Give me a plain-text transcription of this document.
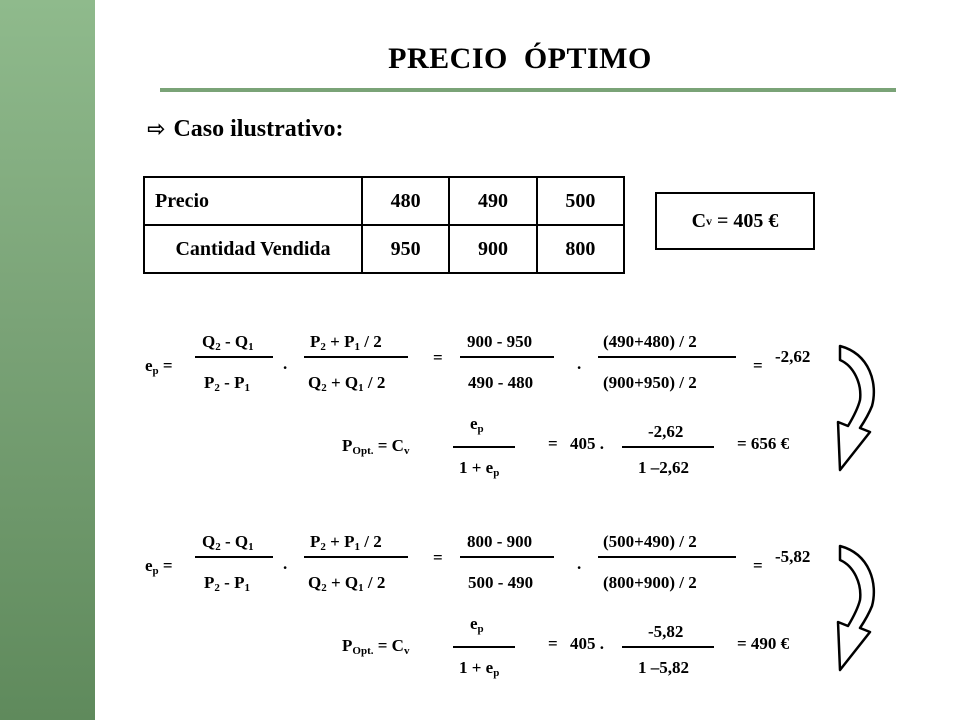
PRECIO  ÓPTIMO
⇨ Caso ilustrativo:
Precio	480	490	500
Cantidad Vendida	950	900	800
C v
= 405 €
$e_p$ =
$Q_2 - Q_1$
$P_2 - P_1$
.
$P_2 + P_1 / 2$
$Q_2 + Q_1 / 2$
=
900 - 950
490 - 480
.
(490+480) / 2
(900+950) / 2
= -2,62
$P_{Opt.} = C_v$
$e_p$
$1 + e_p$
= 405 .
-2,62
1 –2,62
= 656 €
$e_p$ =
$Q_2 - Q_1$
$P_2 - P_1$
.
$P_2 + P_1 / 2$
$Q_2 + Q_1 / 2$
=
800 - 900
500 - 490
.
(500+490) / 2
(800+900) / 2
= -5,82
$P_{Opt.} = C_v$
$e_p$
$1 + e_p$
= 405 .
-5,82
1 –5,82
= 490 €
